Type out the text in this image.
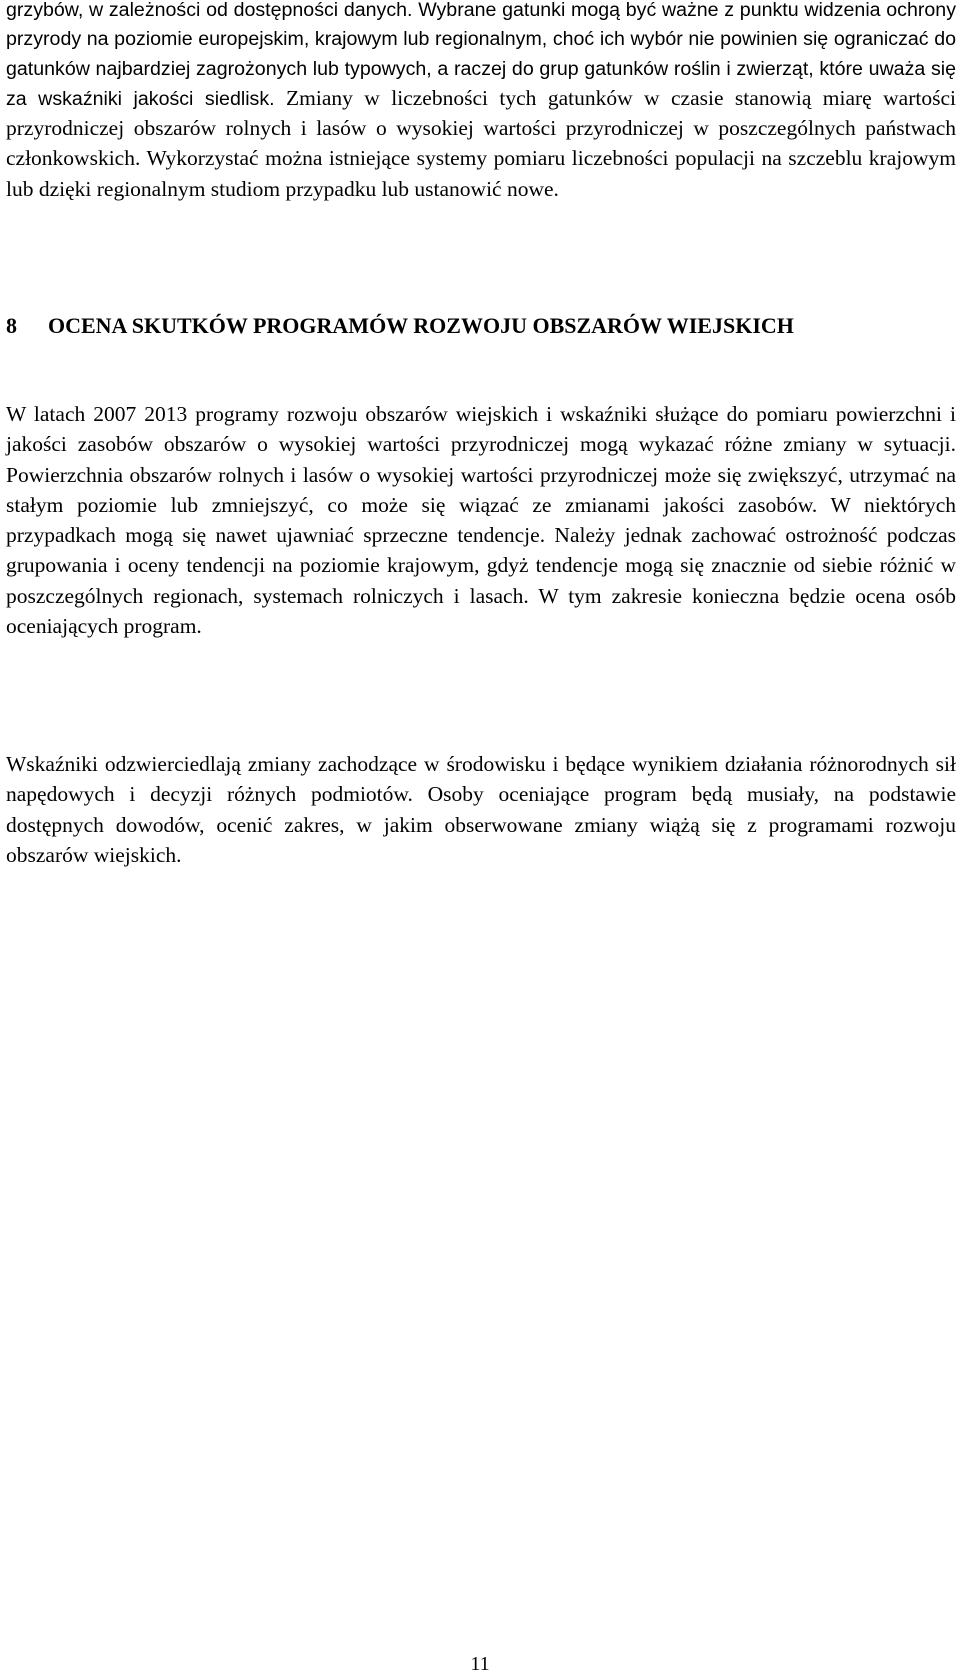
grzybów, w zależności od dostępności danych. Wybrane gatunki mogą być ważne z punktu widzenia ochrony przyrody na poziomie europejskim, krajowym lub regionalnym, choć ich wybór nie powinien się ograniczać do gatunków najbardziej zagrożonych lub typowych, a raczej do grup gatunków roślin i zwierząt, które uważa się za wskaźniki jakości siedlisk. Zmiany w liczebności tych gatunków w czasie stanowią miarę wartości przyrodniczej obszarów rolnych i lasów o wysokiej wartości przyrodniczej w poszczególnych państwach członkowskich. Wykorzystać można istniejące systemy pomiaru liczebności populacji na szczeblu krajowym lub dzięki regionalnym studiom przypadku lub ustanowić nowe.

8	OCENA SKUTKÓW PROGRAMÓW ROZWOJU OBSZARÓW WIEJSKICH

W latach 2007 2013 programy rozwoju obszarów wiejskich i wskaźniki służące do pomiaru powierzchni i jakości zasobów obszarów o wysokiej wartości przyrodniczej mogą wykazać różne zmiany w sytuacji. Powierzchnia obszarów rolnych i lasów o wysokiej wartości przyrodniczej może się zwiększyć, utrzymać na stałym poziomie lub zmniejszyć, co może się wiązać ze zmianami jakości zasobów. W niektórych przypadkach mogą się nawet ujawniać sprzeczne tendencje. Należy jednak zachować ostrożność podczas grupowania i oceny tendencji na poziomie krajowym, gdyż tendencje mogą się znacznie od siebie różnić w poszczególnych regionach, systemach rolniczych i lasach. W tym zakresie konieczna będzie ocena osób oceniających program.

Wskaźniki odzwierciedlają zmiany zachodzące w środowisku i będące wynikiem działania różnorodnych sił napędowych i decyzji różnych podmiotów. Osoby oceniające program będą musiały, na podstawie dostępnych dowodów, ocenić zakres, w jakim obserwowane zmiany wiążą się z programami rozwoju obszarów wiejskich.

11
